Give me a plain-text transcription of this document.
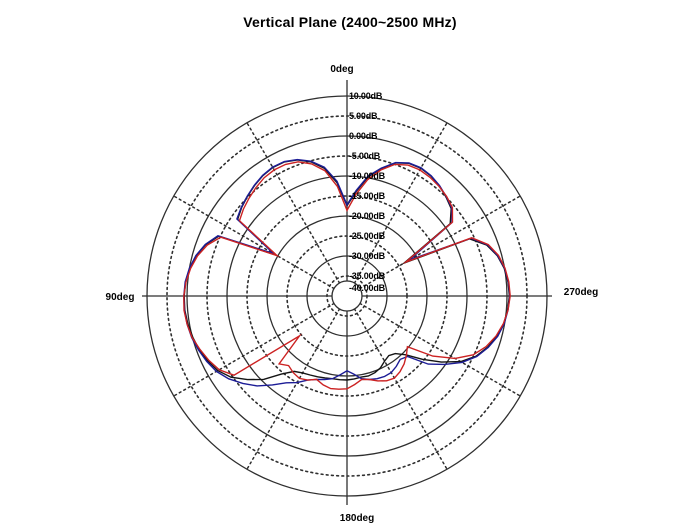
Vertical Plane (2400~2500 MHz)
10.00dB
5.00dB
0.00dB
-5.00dB
-10.00dB
-15.00dB
-20.00dB
-25.00dB
-30.00dB
-35.00dB
-40.00dB
0deg
90deg
180deg
270deg
